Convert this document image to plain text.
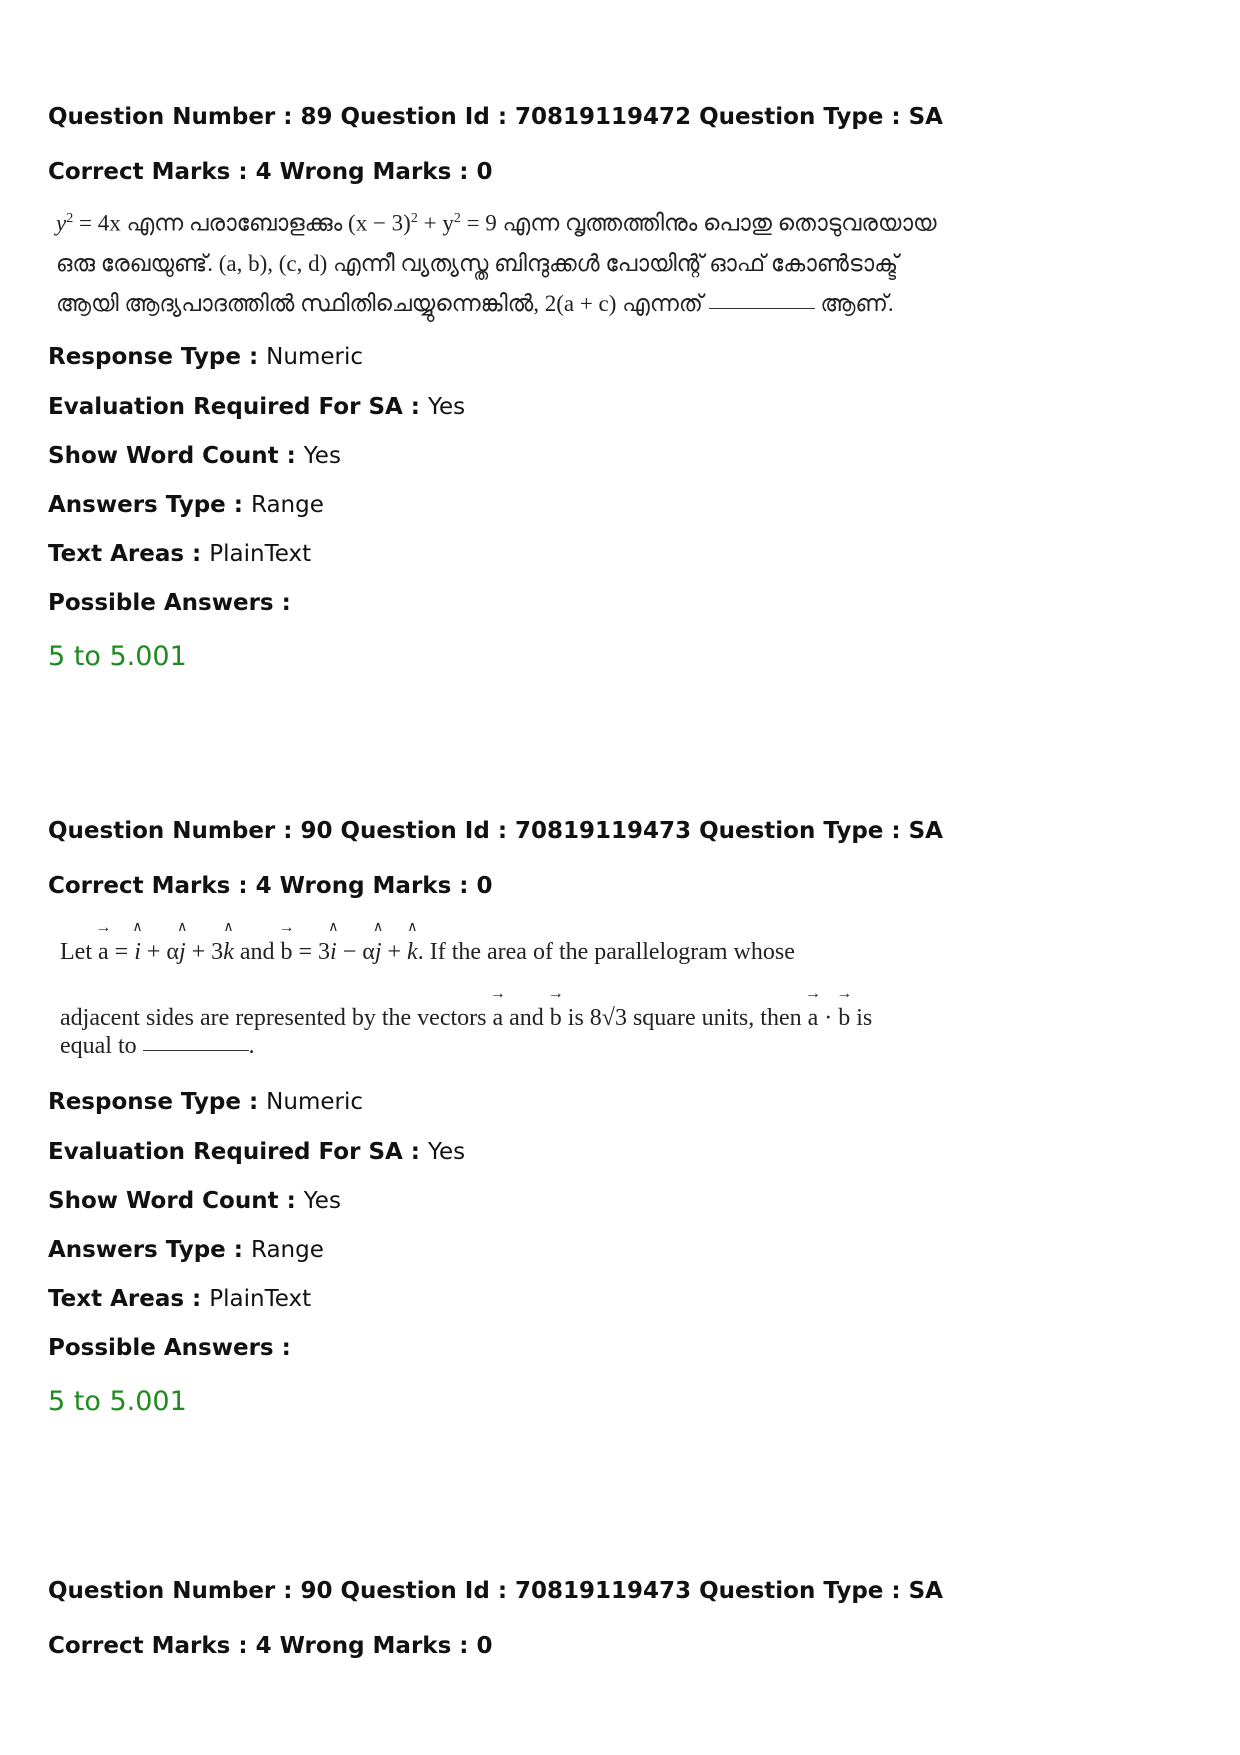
Question Number : 89 Question Id : 70819119472 Question Type : SA
Correct Marks : 4 Wrong Marks : 0
$y^2 = 4x$ എന്ന പരാബോളക്കും $(x - 3)^2 + y^2 = 9$ എന്ന വൃത്തത്തിനും പൊതു തൊടുവരയായ
ഒരു രേഖയുണ്ട്. (a, b), (c, d) എന്നീ വ്യത്യസ്ത ബിന്ദുക്കൾ പോയിന്റ് ഓഫ് കോൺടാക്ട്
ആയി ആദ്യപാദത്തിൽ സ്ഥിതിചെയ്യുന്നെങ്കിൽ, 2(a + c) എന്നത്	ആണ്.
Response Type : Numeric
Evaluation Required For SA : Yes
Show Word Count : Yes
Answers Type : Range
Text Areas : PlainText
Possible Answers :
5 to 5.001
Question Number : 90 Question Id : 70819119473 Question Type : SA
Correct Marks : 4 Wrong Marks : 0
Let → a = ∧ i + α∧ j + 3∧ k and → b = 3∧ i − α∧ j + ∧ k. If the area of the parallelogram whose
adjacent sides are represented by the vectors → a and → b is 8√3 square units, then → a · → b is
equal to	.
Response Type : Numeric
Evaluation Required For SA : Yes
Show Word Count : Yes
Answers Type : Range
Text Areas : PlainText
Possible Answers :
5 to 5.001
Question Number : 90 Question Id : 70819119473 Question Type : SA
Correct Marks : 4 Wrong Marks : 0
